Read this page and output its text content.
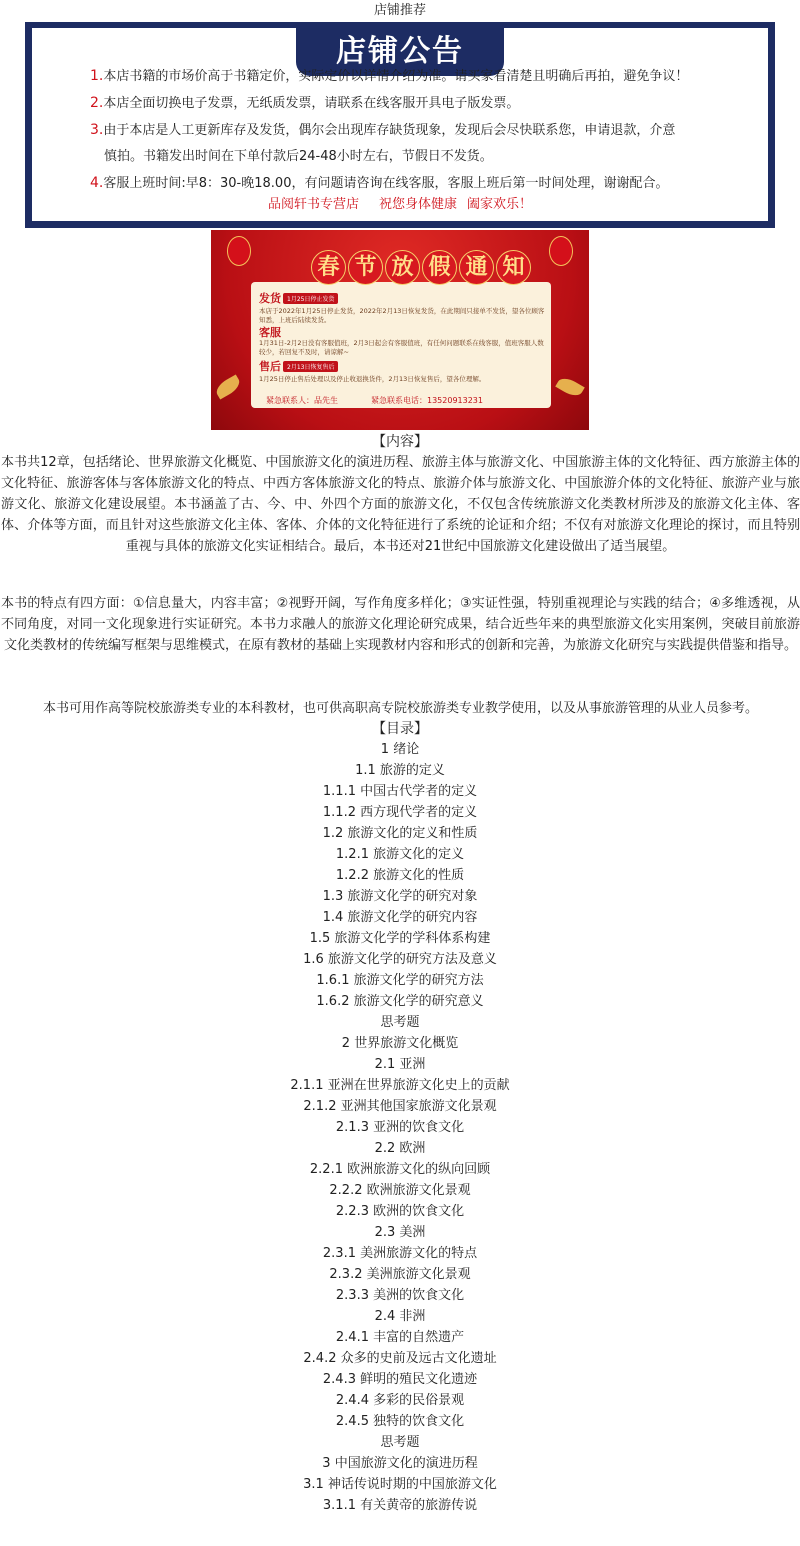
店铺推荐
店铺公告
1.本店书籍的市场价高于书籍定价，实际定价以详情介绍为准。请买家看清楚且明确后再拍，避免争议！
2.本店全面切换电子发票，无纸质发票，请联系在线客服开具电子版发票。
3.由于本店是人工更新库存及发货，偶尔会出现库存缺货现象，发现后会尽快联系您，申请退款，介意
慎拍。书籍发出时间在下单付款后24-48小时左右，节假日不发货。
4.客服上班时间:早8：30-晚18.00，有问题请咨询在线客服，客服上班后第一时间处理，谢谢配合。
品阅轩书专营店 祝您身体健康 阖家欢乐！
春 节 放 假 通 知
发货	1月25日停止发货
本店于2022年1月25日停止发货，2022年2月13日恢复发货，在此期间只接单不发货，望各位顾客
知悉，上班后陆续发货。
客服
1月31日-2月2日没有客服值班，2月3日起会有客服值班，有任何问题联系在线客服，值班客服人数
较少，若回复不及时，请谅解~
售后	2月13日恢复售后
1月25日停止售后处理以及停止收退换货件，2月13日恢复售后，望各位理解。
紧急联系人：品先生	紧急联系电话：13520913231
【内容】

本书共12章，包括绪论、世界旅游文化概览、中国旅游文化的演进历程、旅游主体与旅游文化、中国旅游主体的文化特征、西方旅游主体的文化特征、旅游客体与客体旅游文化的特点、中西方客体旅游文化的特点、旅游介体与旅游文化、中国旅游介体的文化特征、旅游产业与旅游文化、旅游文化建设展望。本书涵盖了古、今、中、外四个方面的旅游文化，不仅包含传统旅游文化类教材所涉及的旅游文化主体、客体、介体等方面，而且针对这些旅游文化主体、客体、介体的文化特征进行了系统的论证和介绍；不仅有对旅游文化理论的探讨，而且特别重视与具体的旅游文化实证相结合。最后，本书还对21世纪中国旅游文化建设做出了适当展望。

本书的特点有四方面：①信息量大，内容丰富；②视野开阔，写作角度多样化；③实证性强，特别重视理论与实践的结合；④多维透视，从不同角度，对同一文化现象进行实证研究。本书力求融人的旅游文化理论研究成果，结合近些年来的典型旅游文化实用案例，突破目前旅游文化类教材的传统编写框架与思维模式，在原有教材的基础上实现教材内容和形式的创新和完善，为旅游文化研究与实践提供借鉴和指导。

本书可用作高等院校旅游类专业的本科教材，也可供高职高专院校旅游类专业教学使用，以及从事旅游管理的从业人员参考。

【目录】
1 绪论
1.1 旅游的定义
1.1.1 中国古代学者的定义
1.1.2 西方现代学者的定义
1.2 旅游文化的定义和性质
1.2.1 旅游文化的定义
1.2.2 旅游文化的性质
1.3 旅游文化学的研究对象
1.4 旅游文化学的研究内容
1.5 旅游文化学的学科体系构建
1.6 旅游文化学的研究方法及意义
1.6.1 旅游文化学的研究方法
1.6.2 旅游文化学的研究意义
思考题
2 世界旅游文化概览
2.1 亚洲
2.1.1 亚洲在世界旅游文化史上的贡献
2.1.2 亚洲其他国家旅游文化景观
2.1.3 亚洲的饮食文化
2.2 欧洲
2.2.1 欧洲旅游文化的纵向回顾
2.2.2 欧洲旅游文化景观
2.2.3 欧洲的饮食文化
2.3 美洲
2.3.1 美洲旅游文化的特点
2.3.2 美洲旅游文化景观
2.3.3 美洲的饮食文化
2.4 非洲
2.4.1 丰富的自然遗产
2.4.2 众多的史前及远古文化遗址
2.4.3 鲜明的殖民文化遗迹
2.4.4 多彩的民俗景观
2.4.5 独特的饮食文化
思考题
3 中国旅游文化的演进历程
3.1 神话传说时期的中国旅游文化
3.1.1 有关黄帝的旅游传说
